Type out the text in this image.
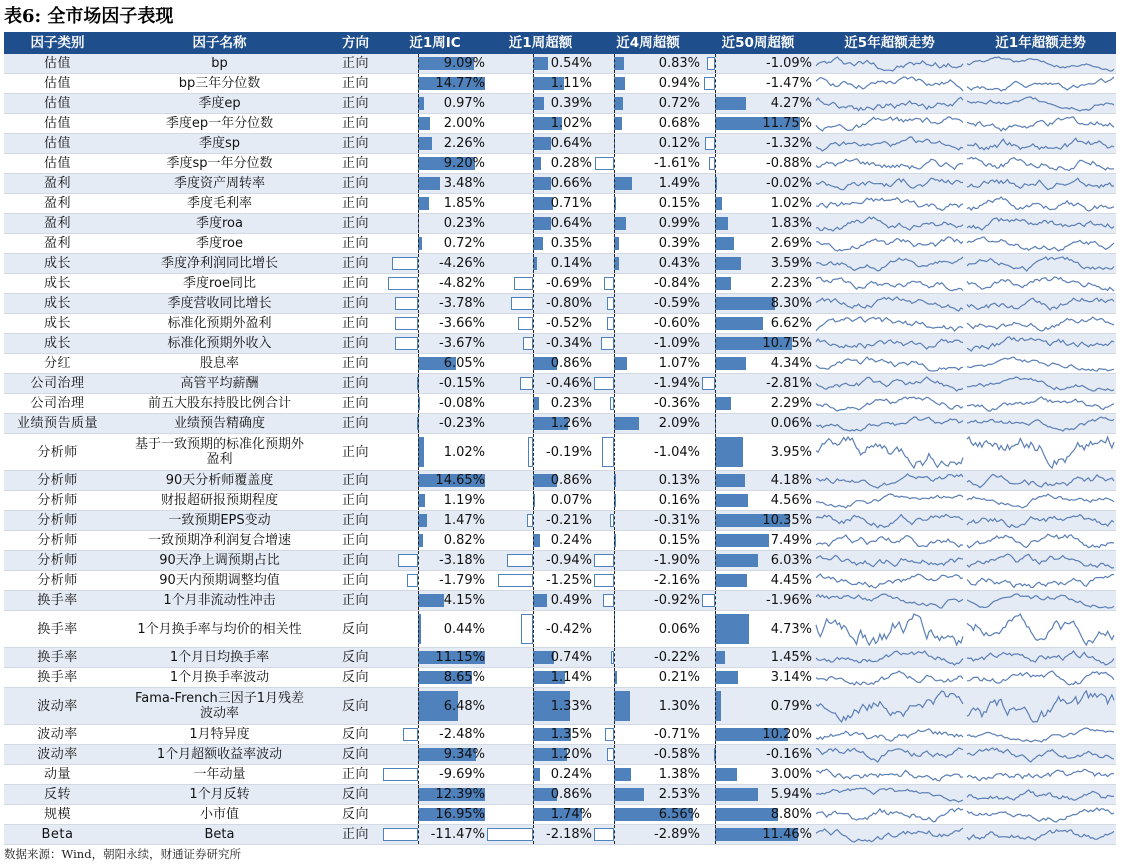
表6: 全市场因子表现
因子类别	因子名称	方向	近1周IC	近1周超额	近4周超额	近50周超额	近5年超额走势	近1年超额走势
估值	bp	正向	9.09%	0.54%	0.83%	-1.09%
估值	bp三年分位数	正向	14.77%	1.11%	0.94%	-1.47%
估值	季度ep	正向	0.97%	0.39%	0.72%	4.27%
估值	季度ep一年分位数	正向	2.00%	1.02%	0.68%	11.75%
估值	季度sp	正向	2.26%	0.64%	0.12%	-1.32%
估值	季度sp一年分位数	正向	9.20%	0.28%	-1.61%	-0.88%
盈利	季度资产周转率	正向	3.48%	0.66%	1.49%	-0.02%
盈利	季度毛利率	正向	1.85%	0.71%	0.15%	1.02%
盈利	季度roa	正向	0.23%	0.64%	0.99%	1.83%
盈利	季度roe	正向	0.72%	0.35%	0.39%	2.69%
成长	季度净利润同比增长	正向	-4.26%	0.14%	0.43%	3.59%
成长	季度roe同比	正向	-4.82%	-0.69%	-0.84%	2.23%
成长	季度营收同比增长	正向	-3.78%	-0.80%	-0.59%	8.30%
成长	标准化预期外盈利	正向	-3.66%	-0.52%	-0.60%	6.62%
成长	标准化预期外收入	正向	-3.67%	-0.34%	-1.09%	10.75%
分红	股息率	正向	6.05%	0.86%	1.07%	4.34%
公司治理	高管平均薪酬	正向	-0.15%	-0.46%	-1.94%	-2.81%
公司治理	前五大股东持股比例合计	正向	-0.08%	0.23%	-0.36%	2.29%
业绩预告质量	业绩预告精确度	正向	-0.23%	1.26%	2.09%	0.06%
分析师	基于一致预期的标准化预期外盈利	正向	1.02%	-0.19%	-1.04%	3.95%
分析师	90天分析师覆盖度	正向	14.65%	0.86%	0.13%	4.18%
分析师	财报超研报预期程度	正向	1.19%	0.07%	0.16%	4.56%
分析师	一致预期EPS变动	正向	1.47%	-0.21%	-0.31%	10.35%
分析师	一致预期净利润复合增速	正向	0.82%	0.24%	0.15%	7.49%
分析师	90天净上调预期占比	正向	-3.18%	-0.94%	-1.90%	6.03%
分析师	90天内预期调整均值	正向	-1.79%	-1.25%	-2.16%	4.45%
换手率	1个月非流动性冲击	正向	4.15%	0.49%	-0.92%	-1.96%
换手率	1个月换手率与均价的相关性	反向	0.44%	-0.42%	0.06%	4.73%
换手率	1个月日均换手率	反向	11.15%	0.74%	-0.22%	1.45%
换手率	1个月换手率波动	反向	8.65%	1.14%	0.21%	3.14%
波动率	Fama-French三因子1月残差波动率	反向	6.48%	1.33%	1.30%	0.79%
波动率	1月特异度	反向	-2.48%	1.35%	-0.71%	10.20%
波动率	1个月超额收益率波动	反向	9.34%	1.20%	-0.58%	-0.16%
动量	一年动量	正向	-9.69%	0.24%	1.38%	3.00%
反转	1个月反转	反向	12.39%	0.86%	2.53%	5.94%
规模	小市值	反向	16.95%	1.74%	6.56%	8.80%
Beta	Beta	正向	-11.47%	-2.18%	-2.89%	11.46%
数据来源：Wind，朝阳永续，财通证券研究所
